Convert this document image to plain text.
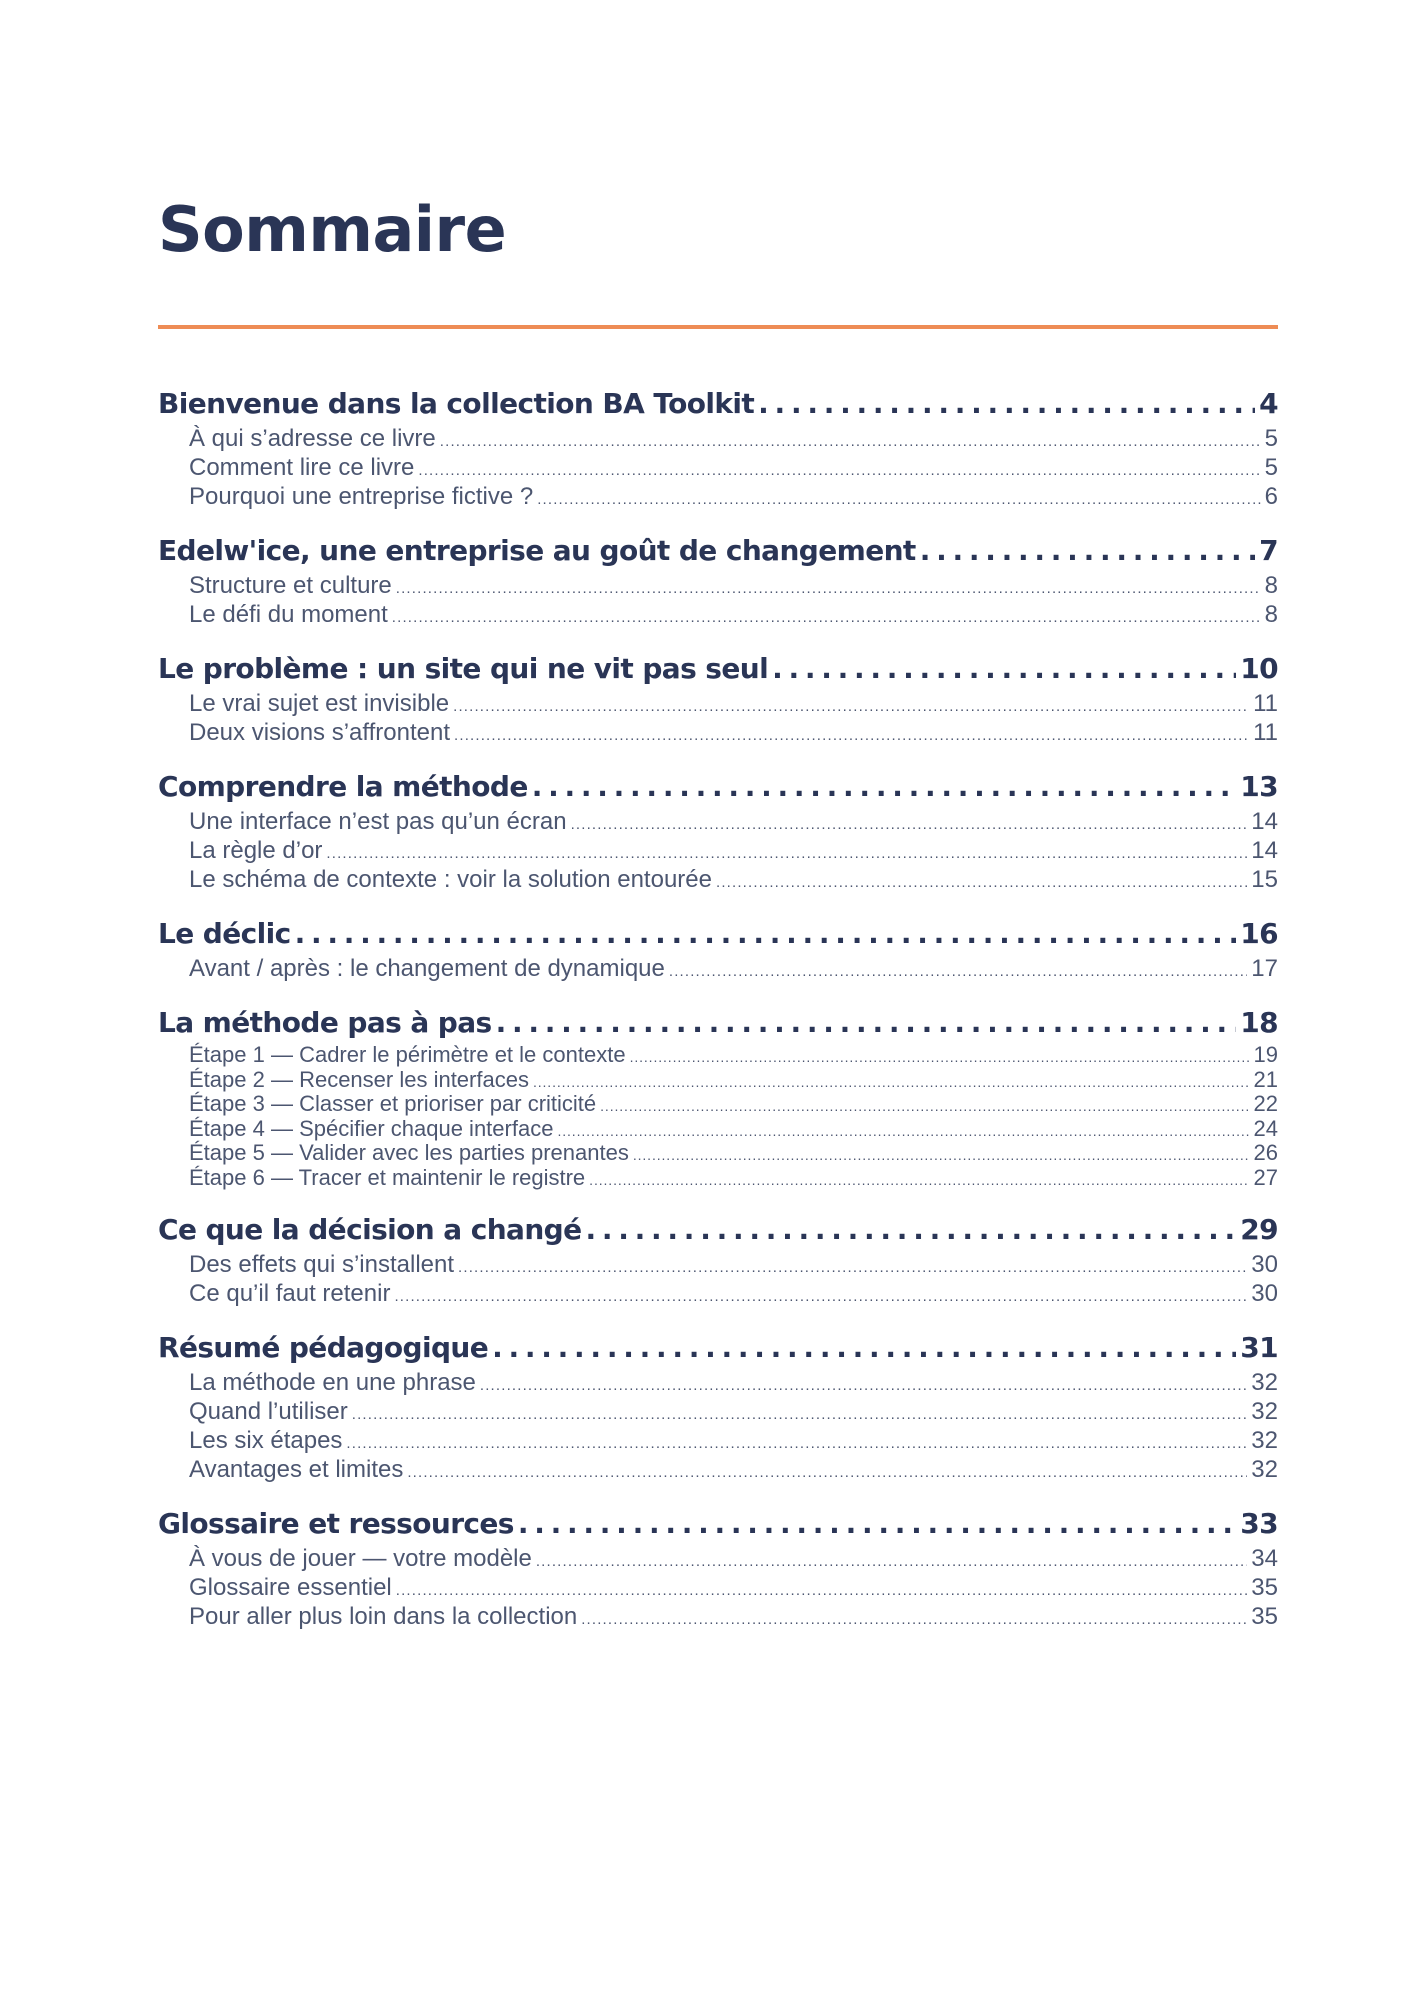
Sommaire
Bienvenue dans la collection BA Toolkit . . .	4
À qui s’adresse ce livre . . .	5
Comment lire ce livre . . .	5
Pourquoi une entreprise fictive ? . . .	6
Edelw'ice, une entreprise au goût de changement . . .	7
Structure et culture . . .	8
Le défi du moment . . .	8
Le problème : un site qui ne vit pas seul . . .	10
Le vrai sujet est invisible . . .	11
Deux visions s’affrontent . . .	11
Comprendre la méthode . . .	13
Une interface n’est pas qu’un écran . . .	14
La règle d’or . . .	14
Le schéma de contexte : voir la solution entourée . . .	15
Le déclic . . .	16
Avant / après : le changement de dynamique . . .	17
La méthode pas à pas . . .	18
Étape 1 — Cadrer le périmètre et le contexte . . .	19
Étape 2 — Recenser les interfaces . . .	21
Étape 3 — Classer et prioriser par criticité . . .	22
Étape 4 — Spécifier chaque interface . . .	24
Étape 5 — Valider avec les parties prenantes . . .	26
Étape 6 — Tracer et maintenir le registre . . .	27
Ce que la décision a changé . . .	29
Des effets qui s’installent . . .	30
Ce qu’il faut retenir . . .	30
Résumé pédagogique . . .	31
La méthode en une phrase . . .	32
Quand l’utiliser . . .	32
Les six étapes . . .	32
Avantages et limites . . .	32
Glossaire et ressources . . .	33
À vous de jouer — votre modèle . . .	34
Glossaire essentiel . . .	35
Pour aller plus loin dans la collection . . .	35
